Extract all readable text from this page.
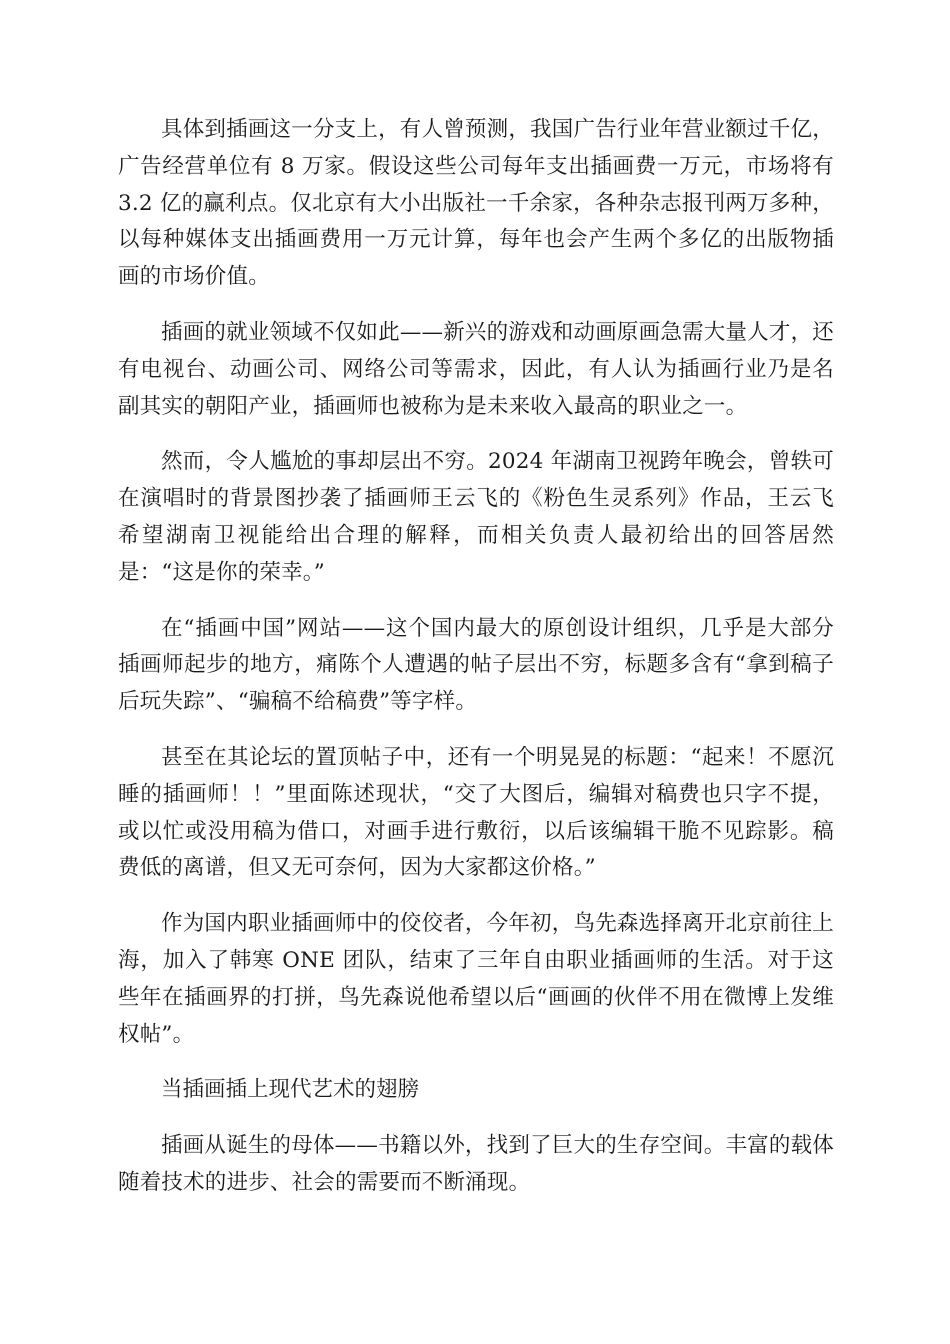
具体到插画这一分支上，有人曾预测，我国广告行业年营业额过千亿，广告经营单位有 8 万家。假设这些公司每年支出插画费一万元，市场将有 3.2 亿的赢利点。仅北京有大小出版社一千余家，各种杂志报刊两万多种，以每种媒体支出插画费用一万元计算，每年也会产生两个多亿的出版物插画的市场价值。

插画的就业领域不仅如此——新兴的游戏和动画原画急需大量人才，还有电视台、动画公司、网络公司等需求，因此，有人认为插画行业乃是名副其实的朝阳产业，插画师也被称为是未来收入最高的职业之一。

然而，令人尴尬的事却层出不穷。2024 年湖南卫视跨年晚会，曾轶可在演唱时的背景图抄袭了插画师王云飞的《粉色生灵系列》作品，王云飞希望湖南卫视能给出合理的解释，而相关负责人最初给出的回答居然是：“这是你的荣幸。”

在“插画中国”网站——这个国内最大的原创设计组织，几乎是大部分插画师起步的地方，痛陈个人遭遇的帖子层出不穷，标题多含有“拿到稿子后玩失踪”、“骗稿不给稿费”等字样。

甚至在其论坛的置顶帖子中，还有一个明晃晃的标题：“起来！不愿沉睡的插画师！！”里面陈述现状，“交了大图后，编辑对稿费也只字不提，或以忙或没用稿为借口，对画手进行敷衍，以后该编辑干脆不见踪影。稿费低的离谱，但又无可奈何，因为大家都这价格。”

作为国内职业插画师中的佼佼者，今年初，鸟先森选择离开北京前往上海，加入了韩寒 ONE 团队，结束了三年自由职业插画师的生活。对于这些年在插画界的打拼，鸟先森说他希望以后“画画的伙伴不用在微博上发维权帖”。

当插画插上现代艺术的翅膀

插画从诞生的母体——书籍以外，找到了巨大的生存空间。丰富的载体随着技术的进步、社会的需要而不断涌现。
